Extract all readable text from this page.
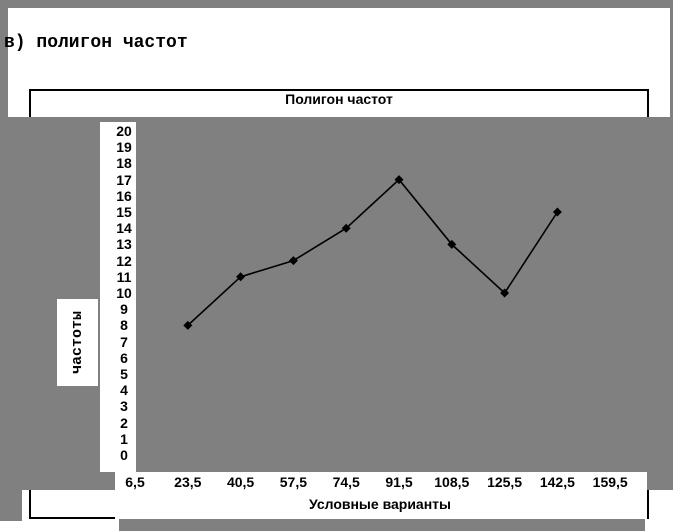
в) полигон частот
Полигон частот
частоты
Условные варианты
0
1
2
3
4
5
6
7
8
9
10
11
12
13
14
15
16
17
18
19
20
6,5	23,5	40,5	57,5	74,5	91,5	108,5	125,5	142,5	159,5
